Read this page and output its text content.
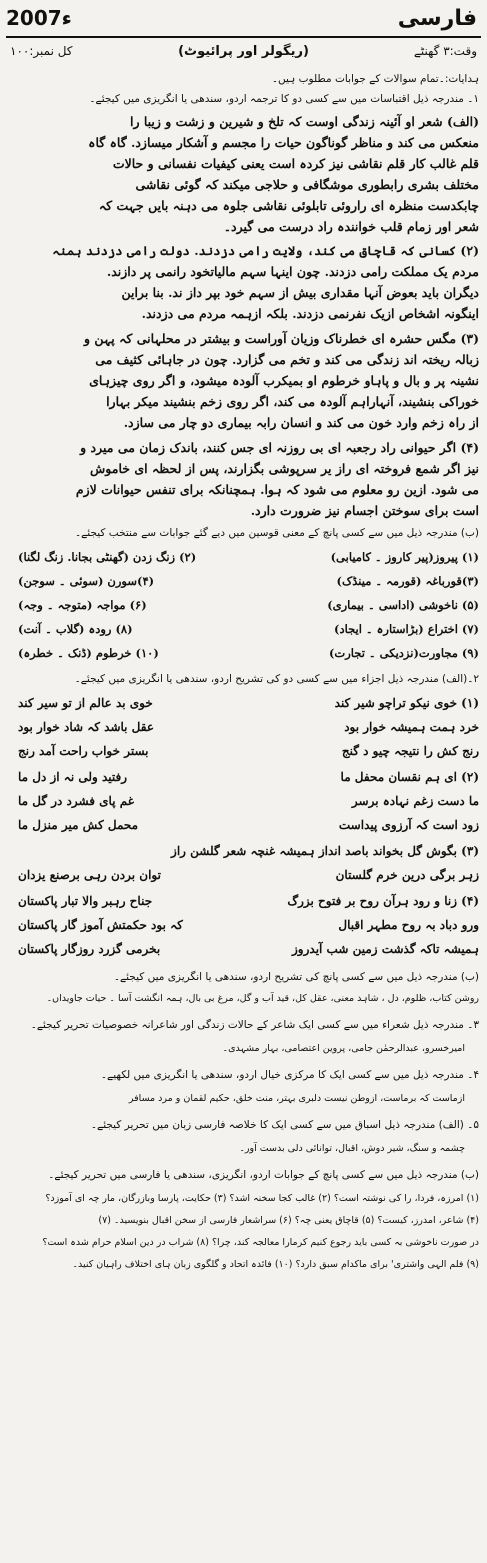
فارسی
2007ء
وقت:۳ گھنٹے
(ریگولر اور پرائیوٹ)
کل نمبر:۱۰۰
ہدایات:۔تمام سوالات کے جوابات مطلوب ہیں۔
۱۔ مندرجہ ذیل اقتباسات میں سے کسی دو کا ترجمہ اردو، سندھی یا انگریزی میں کیجئے۔
(الف) شعر او آئینہ زندگی اوست کہ تلخ و شیرین و زشت و زیبا را
منعکس می کند و مناظر گوناگون حیات را مجسم و آشکار میسازد. گاہ گاہ
قلم غالب کار قلم نقاشی نیز کردہ است یعنی کیفیات نفسانی و حالات
مختلف بشری رابطوری موشگافی و حلاجی میکند کہ گوئی نقاشی
چابکدست منظرہ ای راروئی تابلوئی نقاشی جلوہ می دہنہ بایں جہت کہ
شعر اور زمام قلب خوانندہ راد درست می گیرد۔
(۲) کسانی کہ قاچاق می کند، ولایت رامی دزدند. دولت رامی دزدند ہمنہ
مردم یک مملکت رامی دزدند. چون اینہا سہم مالیاتخود رانمی پر دازند.
دیگران باید بعوض آنہا مقداری بیش از سہم خود بپر داز ند. بنا براین
اینگونہ اشخاص ازیک نفرنمی دزدند. بلکہ ازہمہ مردم می دزدند.
(۳) مگس حشرہ ای خطرناک وزیان آوراست و بیشتر در محلہانی کہ پہن و
زبالہ ریختہ اند زندگی می کند و تخم می گزارد. چون در جاہائی کثیف می
نشینہ پر و بال و پاہاو خرطوم او بمیکرب آلودہ میشود، و اگر روی چیزہای
خوراکی بنشیند، آنہاراہم آلودہ می کند، اگر روی زخم بنشیند میکر بہارا
از راہ زخم وارد خون می کند و انسان رابہ بیماری دو چار می سازد.
(۴) اگر حیوانی راد رجعبہ ای بی روزنہ ای جس کنند، باندک زمان می میرد و
نیز اگر شمع فروختہ ای راز یر سرپوشی بگزارند، پس از لحظہ ای خاموش
می شود. ازین رو معلوم می شود کہ ہوا. ہمچنانکہ برای تنفس حیوانات لازم
است برای سوختن اجسام نیز ضرورت دارد.
(ب) مندرجہ ذیل میں سے کسی پانچ کے معنی قوسین میں دیے گئے جوابات سے منتخب کیجئے۔
(۱) پیروز(پیر کاروز ۔ کامیابی)
(۲) زنگ زدن (گھنٹی بجانا. زنگ لگنا)
(۳)قورباغہ (قورمہ ۔ مینڈک)
(۴)سورن (سوئی ۔ سوجن)
(۵) ناخوشی (اداسی ۔ بیماری)
(۶) مواجہ (متوجہ ۔ وجہ)
(۷) اختراع (بڑاستارہ ۔ ایجاد)
(۸) رودہ (گلاب ۔ آنت)
(۹) مجاورت(نزدیکی ۔ تجارت)
(۱۰) خرطوم (ڈنک ۔ خطرہ)
۲۔(الف) مندرجہ ذیل اجزاء میں سے کسی دو کی تشریح اردو، سندھی یا انگریزی میں کیجئے۔
(۱) خوی نیکو تراچو شیر کند
خوی بد عالم از تو سیر کند
خرد ہمت ہمیشہ خوار بود
عقل باشد کہ شاد خوار بود
رنج کش را نتیجہ چیو د گنج
بستر خواب راحت آمد رنج
(۲) ای ہم نقسان محفل ما
رفتید ولی نہ از دل ما
ما دست زغم نہادہ برسر
غم پای فشرد در گل ما
زود است کہ آرزوی پیداست
محمل کش میر منزل ما
(۳) بگوش گل بخواند باصد انداز ہمیشہ غنچہ شعر گلشن راز
زہر برگی درین خرم گلستان
توان بردن رہی برصنع یزدان
(۴) زنا و رود ہرآن روح بر فتوح بزرگ
جناح رہبر والا تبار پاکستان
ورو دباد بہ روح مطہر اقبال
کہ بود حکمتش آموز گار پاکستان
ہمیشہ تاکہ گذشت زمین شب آیدروز
بخرمی گزرد روزگار پاکستان
(ب) مندرجہ ذیل میں سے کسی پانچ کی تشریح اردو، سندھی یا انگریزی میں کیجئے۔
روشن کتاب، ظلوم، دل ، شاہد معنی، عقل کل، قید آب و گل، مرغ بی بال، ہمہ انگشت آسا ۔ حیات جاویداں۔
۳۔ مندرجہ ذیل شعراء میں سے کسی ایک شاعر کے حالات زندگی اور شاعرانہ خصوصیات تحریر کیجئے۔
امیرخسرو، عبدالرحمٰن جامی، پروین اعتصامی، بہار مشہدی۔
۴۔ مندرجہ ذیل میں سے کسی ایک کا مرکزی خیال اردو، سندھی یا انگریزی میں لکھیے۔
ازماست کہ برماست، ازوطن نیست دلبری بہتر، منت خلق، حکیم لقمان و مرد مسافر
۵۔ (الف) مندرجہ ذیل اسباق میں سے کسی ایک کا خلاصہ فارسی زبان میں تحریر کیجئے۔
چشمہ و سنگ، شیر دوش، اقبال، توانائی دلی بدست آور۔
(ب) مندرجہ ذیل میں سے کسی پانچ کے جوابات اردو، انگریزی، سندھی یا فارسی میں تحریر کیجئے۔
(۱) امرزہ، فردا، را کی نوشتہ است؟ (۲) غالب کجا سخنہ اشد؟ (۳) حکایت، پارسا وبازرگان، مار چہ ای آموزد؟
(۴) شاعر، امدرز، کیست؟ (۵) قاچاق یعنی چہ؟ (۶) سراشعار فارسی از سخن اقبال بنویسید۔ (۷)
در صورت ناخوشی بہ کسی باید رجوع کنیم کرمارا معالجہ کند، چرا؟ (۸) شراب در دین اسلام حرام شدہ است؟
(۹) فلم الہی واشتری' برای ماکدام سبق دارد؟ (۱۰) فائدہ اتحاد و گلگوی زبان ہای اختلاف راہیان کنید۔
